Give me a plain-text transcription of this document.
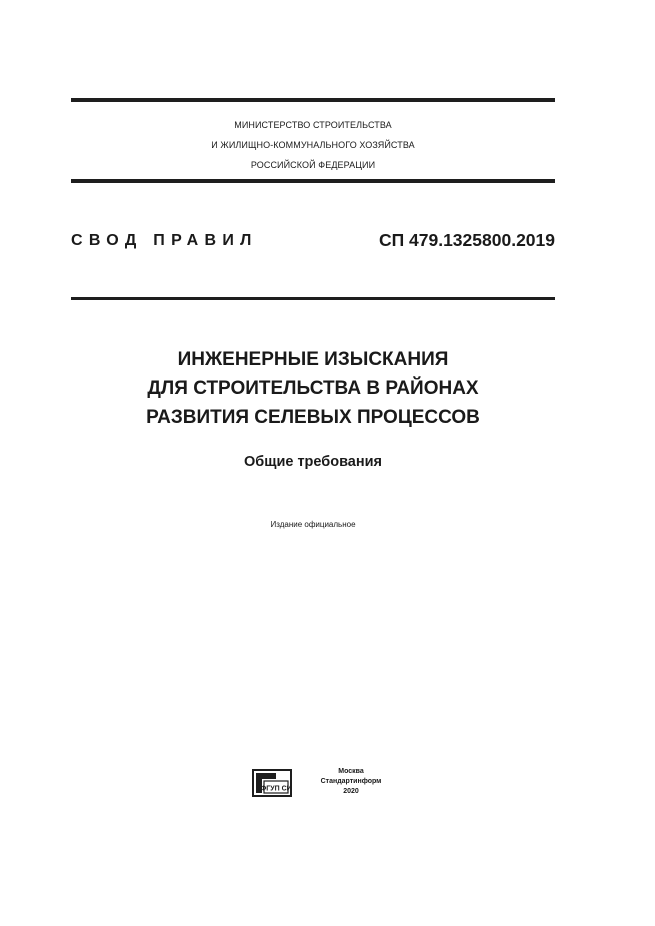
МИНИСТЕРСТВО СТРОИТЕЛЬСТВА
И ЖИЛИЩНО-КОММУНАЛЬНОГО ХОЗЯЙСТВА
РОССИЙСКОЙ ФЕДЕРАЦИИ
СВОД ПРАВИЛ	СП 479.1325800.2019
ИНЖЕНЕРНЫЕ ИЗЫСКАНИЯ
ДЛЯ СТРОИТЕЛЬСТВА В РАЙОНАХ
РАЗВИТИЯ СЕЛЕВЫХ ПРОЦЕССОВ
Общие требования
Издание официальное
ФГУП СИ
Москва
Стандартинформ
2020
